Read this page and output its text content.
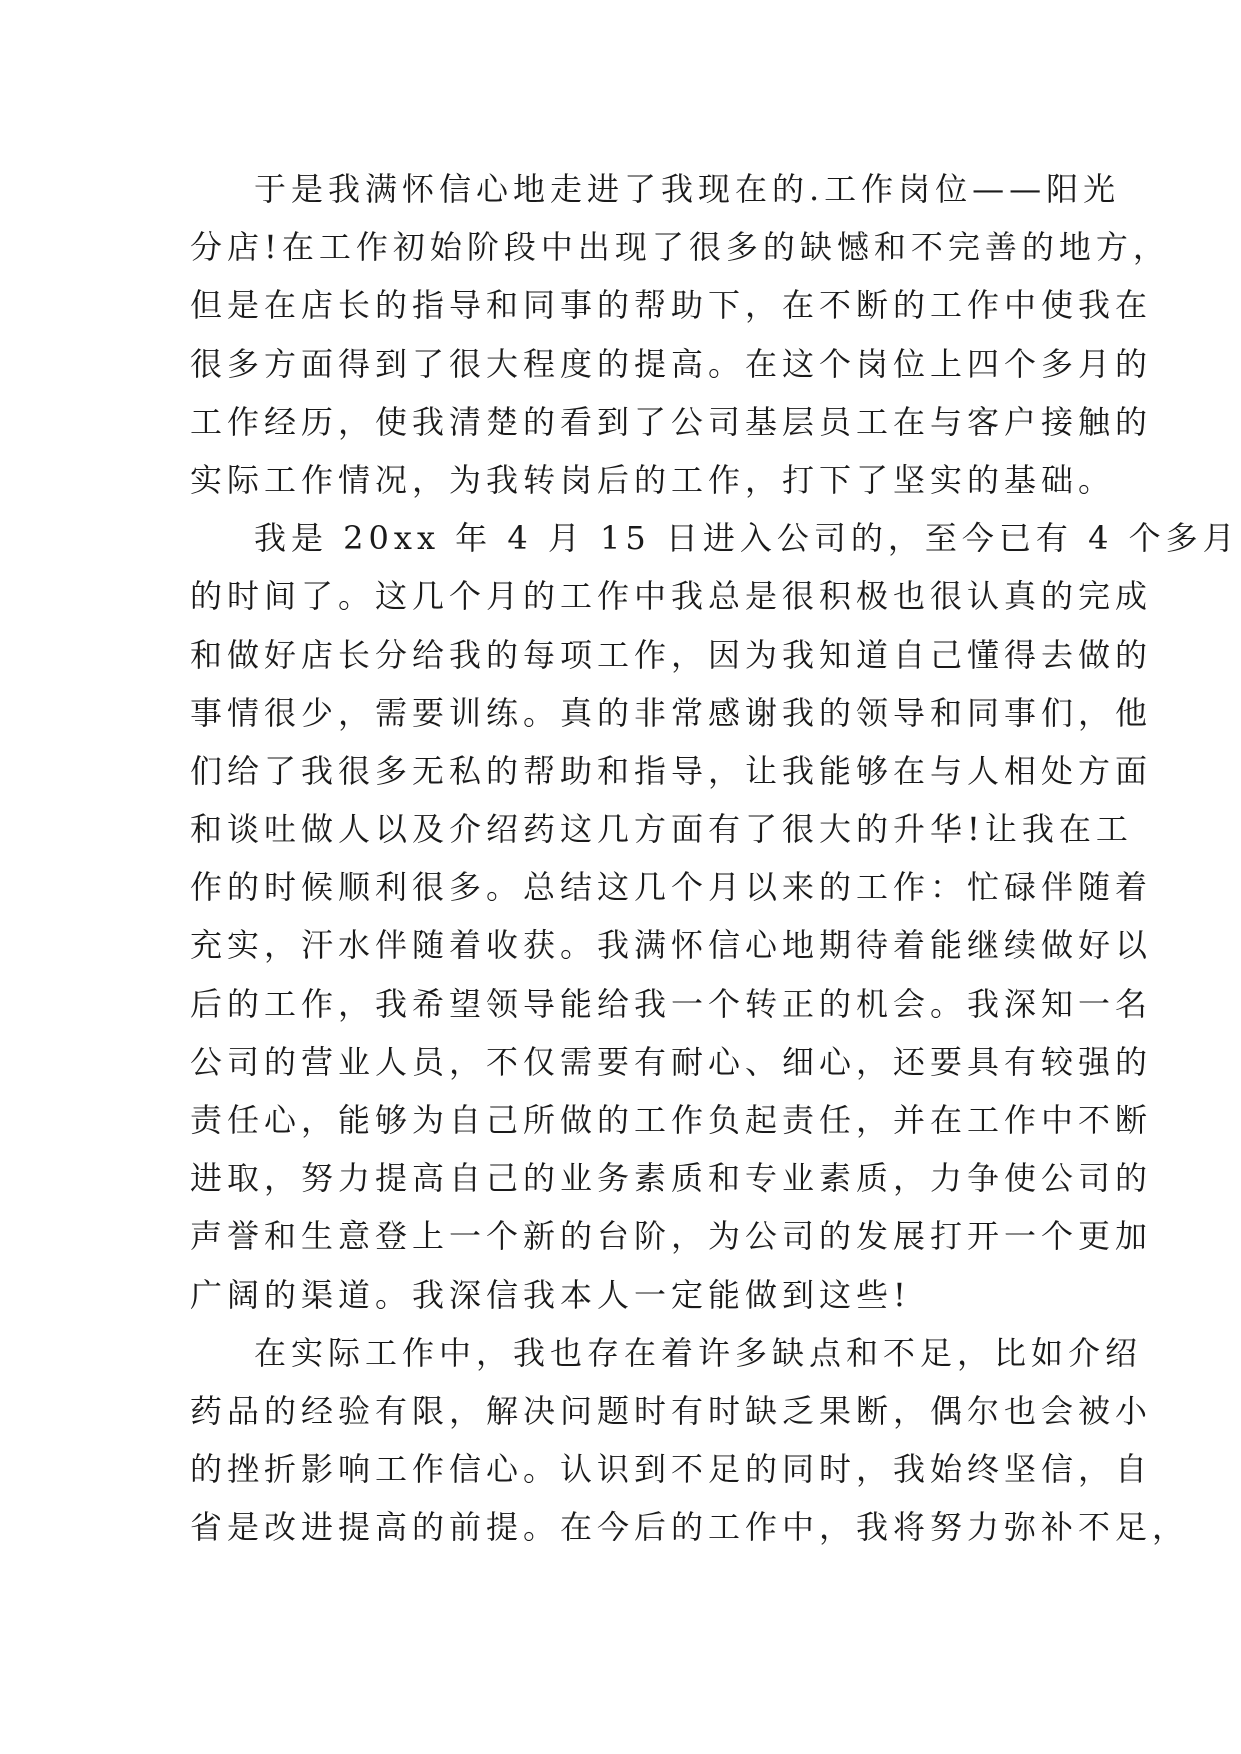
于是我满怀信心地走进了我现在的.工作岗位——阳光
分店!在工作初始阶段中出现了很多的缺憾和不完善的地方，
但是在店长的指导和同事的帮助下，在不断的工作中使我在
很多方面得到了很大程度的提高。在这个岗位上四个多月的
工作经历，使我清楚的看到了公司基层员工在与客户接触的
实际工作情况，为我转岗后的工作，打下了坚实的基础。
我是 20xx 年 4 月 15 日进入公司的，至今已有 4 个多月
的时间了。这几个月的工作中我总是很积极也很认真的完成
和做好店长分给我的每项工作，因为我知道自己懂得去做的
事情很少，需要训练。真的非常感谢我的领导和同事们，他
们给了我很多无私的帮助和指导，让我能够在与人相处方面
和谈吐做人以及介绍药这几方面有了很大的升华!让我在工
作的时候顺利很多。总结这几个月以来的工作：忙碌伴随着
充实，汗水伴随着收获。我满怀信心地期待着能继续做好以
后的工作，我希望领导能给我一个转正的机会。我深知一名
公司的营业人员，不仅需要有耐心、细心，还要具有较强的
责任心，能够为自己所做的工作负起责任，并在工作中不断
进取，努力提高自己的业务素质和专业素质，力争使公司的
声誉和生意登上一个新的台阶，为公司的发展打开一个更加
广阔的渠道。我深信我本人一定能做到这些!
在实际工作中，我也存在着许多缺点和不足，比如介绍
药品的经验有限，解决问题时有时缺乏果断，偶尔也会被小
的挫折影响工作信心。认识到不足的同时，我始终坚信，自
省是改进提高的前提。在今后的工作中，我将努力弥补不足，
